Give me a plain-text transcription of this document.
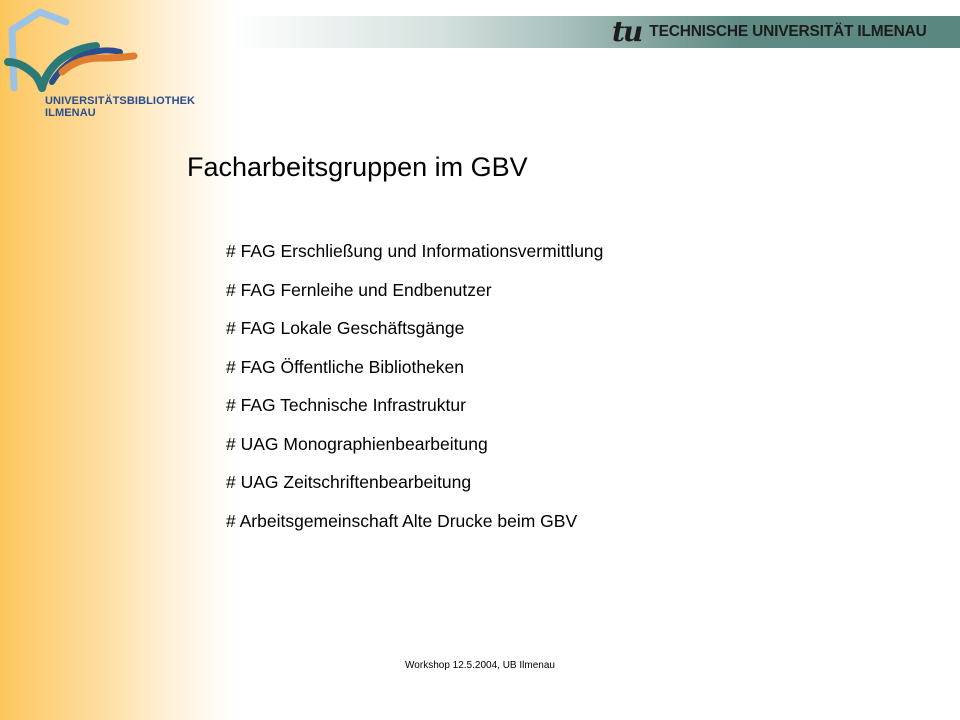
tu TECHNISCHE UNIVERSITÄT ILMENAU
UNIVERSITÄTSBIBLIOTHEK
ILMENAU
Facharbeitsgruppen im GBV
# FAG Erschließung und Informationsvermittlung
# FAG Fernleihe und Endbenutzer
# FAG Lokale Geschäftsgänge
# FAG Öffentliche Bibliotheken
# FAG Technische Infrastruktur
# UAG Monographienbearbeitung
# UAG Zeitschriftenbearbeitung
# Arbeitsgemeinschaft Alte Drucke beim GBV
Workshop 12.5.2004, UB Ilmenau
